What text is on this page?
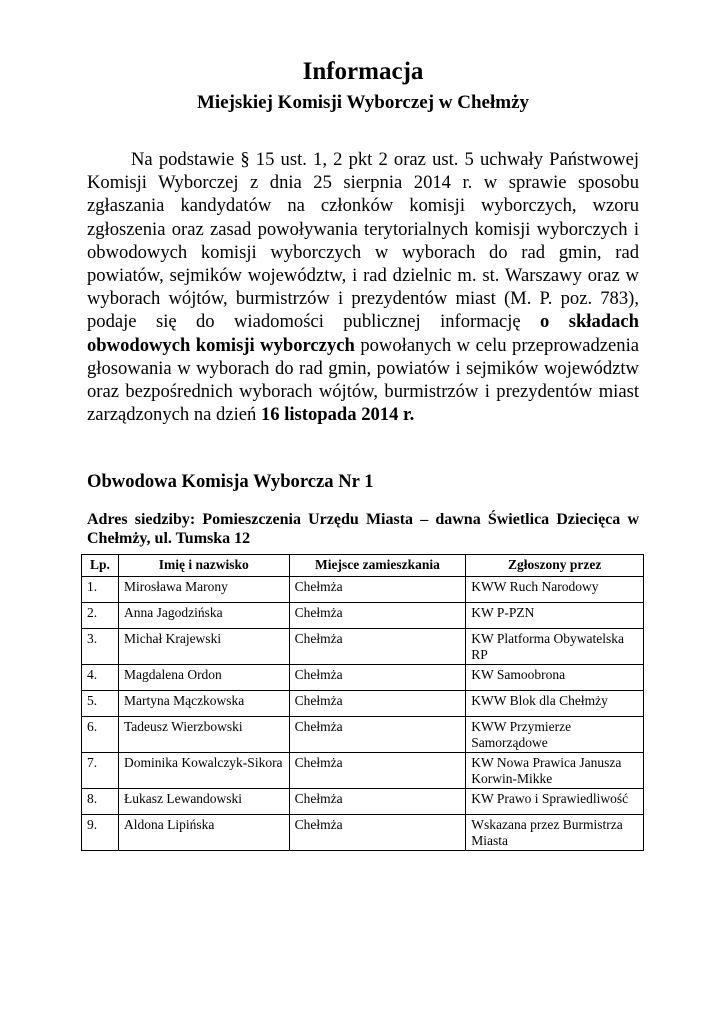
Informacja
Miejskiej Komisji Wyborczej w Chełmży

Na podstawie § 15 ust. 1, 2 pkt 2 oraz ust. 5 uchwały Państwowej Komisji Wyborczej z dnia 25 sierpnia 2014 r. w sprawie sposobu zgłaszania kandydatów na członków komisji wyborczych, wzoru zgłoszenia oraz zasad powoływania terytorialnych komisji wyborczych i obwodowych komisji wyborczych w wyborach do rad gmin, rad powiatów, sejmików województw, i rad dzielnic m. st. Warszawy oraz w wyborach wójtów, burmistrzów i prezydentów miast (M. P. poz. 783), podaje się do wiadomości publicznej informację o składach obwodowych komisji wyborczych powołanych w celu przeprowadzenia głosowania w wyborach do rad gmin, powiatów i sejmików województw oraz bezpośrednich wyborach wójtów, burmistrzów i prezydentów miast zarządzonych na dzień 16 listopada 2014 r.

Obwodowa Komisja Wyborcza Nr 1
Adres siedziby: Pomieszczenia Urzędu Miasta – dawna Świetlica Dziecięca w Chełmży, ul. Tumska 12
Lp.	Imię i nazwisko	Miejsce zamieszkania	Zgłoszony przez
1.	Mirosława Marony	Chełmża	KWW Ruch Narodowy
2.	Anna Jagodzińska	Chełmża	KW P-PZN
3.	Michał Krajewski	Chełmża	KW Platforma Obywatelska RP
4.	Magdalena Ordon	Chełmża	KW Samoobrona
5.	Martyna Mączkowska	Chełmża	KWW Blok dla Chełmży
6.	Tadeusz Wierzbowski	Chełmża	KWW Przymierze Samorządowe
7.	Dominika Kowalczyk-Sikora	Chełmża	KW Nowa Prawica Janusza Korwin-Mikke
8.	Łukasz Lewandowski	Chełmża	KW Prawo i Sprawiedliwość
9.	Aldona Lipińska	Chełmża	Wskazana przez Burmistrza Miasta
